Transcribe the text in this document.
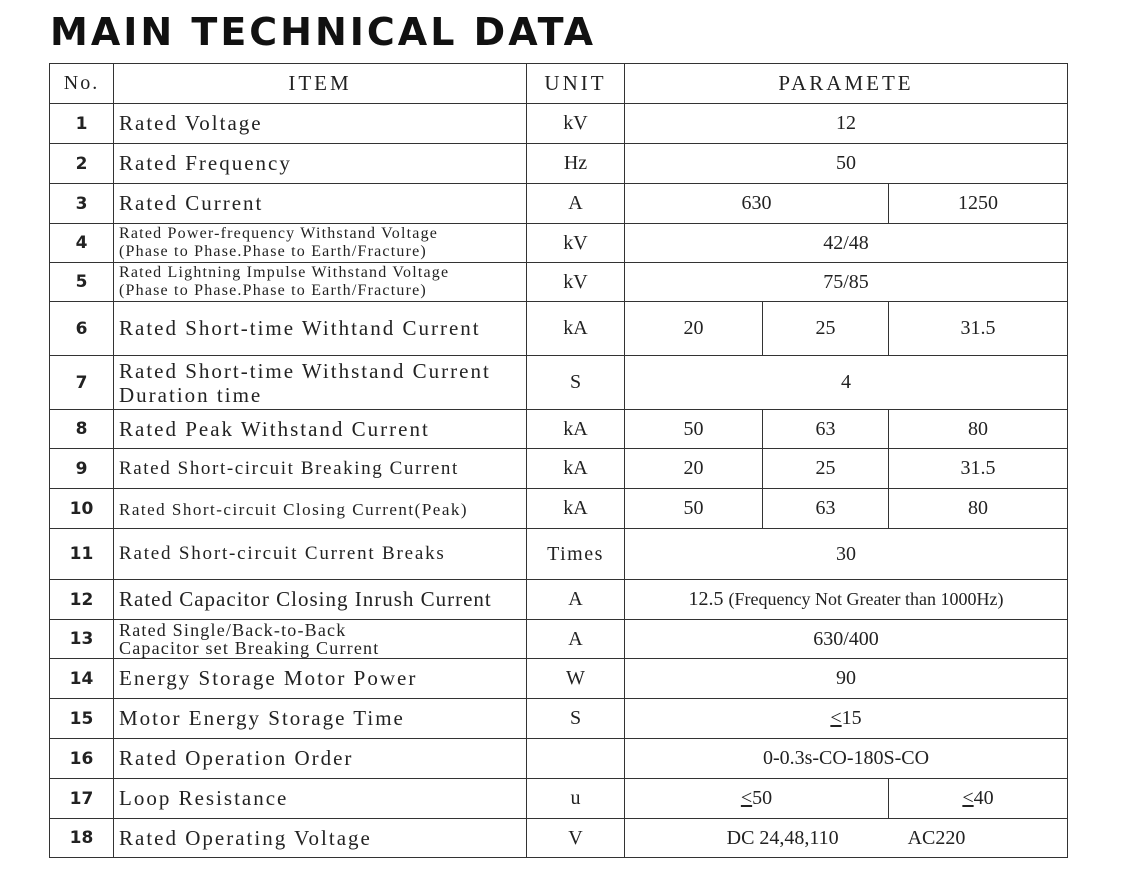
MAIN TECHNICAL DATA
No.	ITEM	UNIT	PARAMETE		
1	Rated Voltage	kV	12		
2	Rated Frequency	Hz	50		
3	Rated Current	A	630		1250
4	Rated Power-frequency Withstand Voltage
(Phase to Phase.Phase to Earth/Fracture)	kV	42/48		
5	Rated Lightning Impulse Withstand Voltage
(Phase to Phase.Phase to Earth/Fracture)	kV	75/85		
6	Rated Short-time Withtand Current	kA	20	25	31.5
7	Rated Short-time Withstand Current
Duration time	S	4		
8	Rated Peak Withstand Current	kA	50	63	80
9	Rated Short-circuit Breaking Current	kA	20	25	31.5
10	Rated Short-circuit Closing Current(Peak)	kA	50	63	80
11	Rated Short-circuit Current Breaks	Times	30		
12	Rated Capacitor Closing Inrush Current	A	12.5 (Frequency Not Greater than 1000Hz)		
13	Rated Single/Back-to-Back
Capacitor set Breaking Current	A	630/400		
14	Energy Storage Motor Power	W	90		
15	Motor Energy Storage Time	S	<15		
16	Rated Operation Order		0-0.3s-CO-180S-CO		
17	Loop Resistance	u	<50		<40
18	Rated Operating Voltage	V	DC 24,48,110 AC220		
